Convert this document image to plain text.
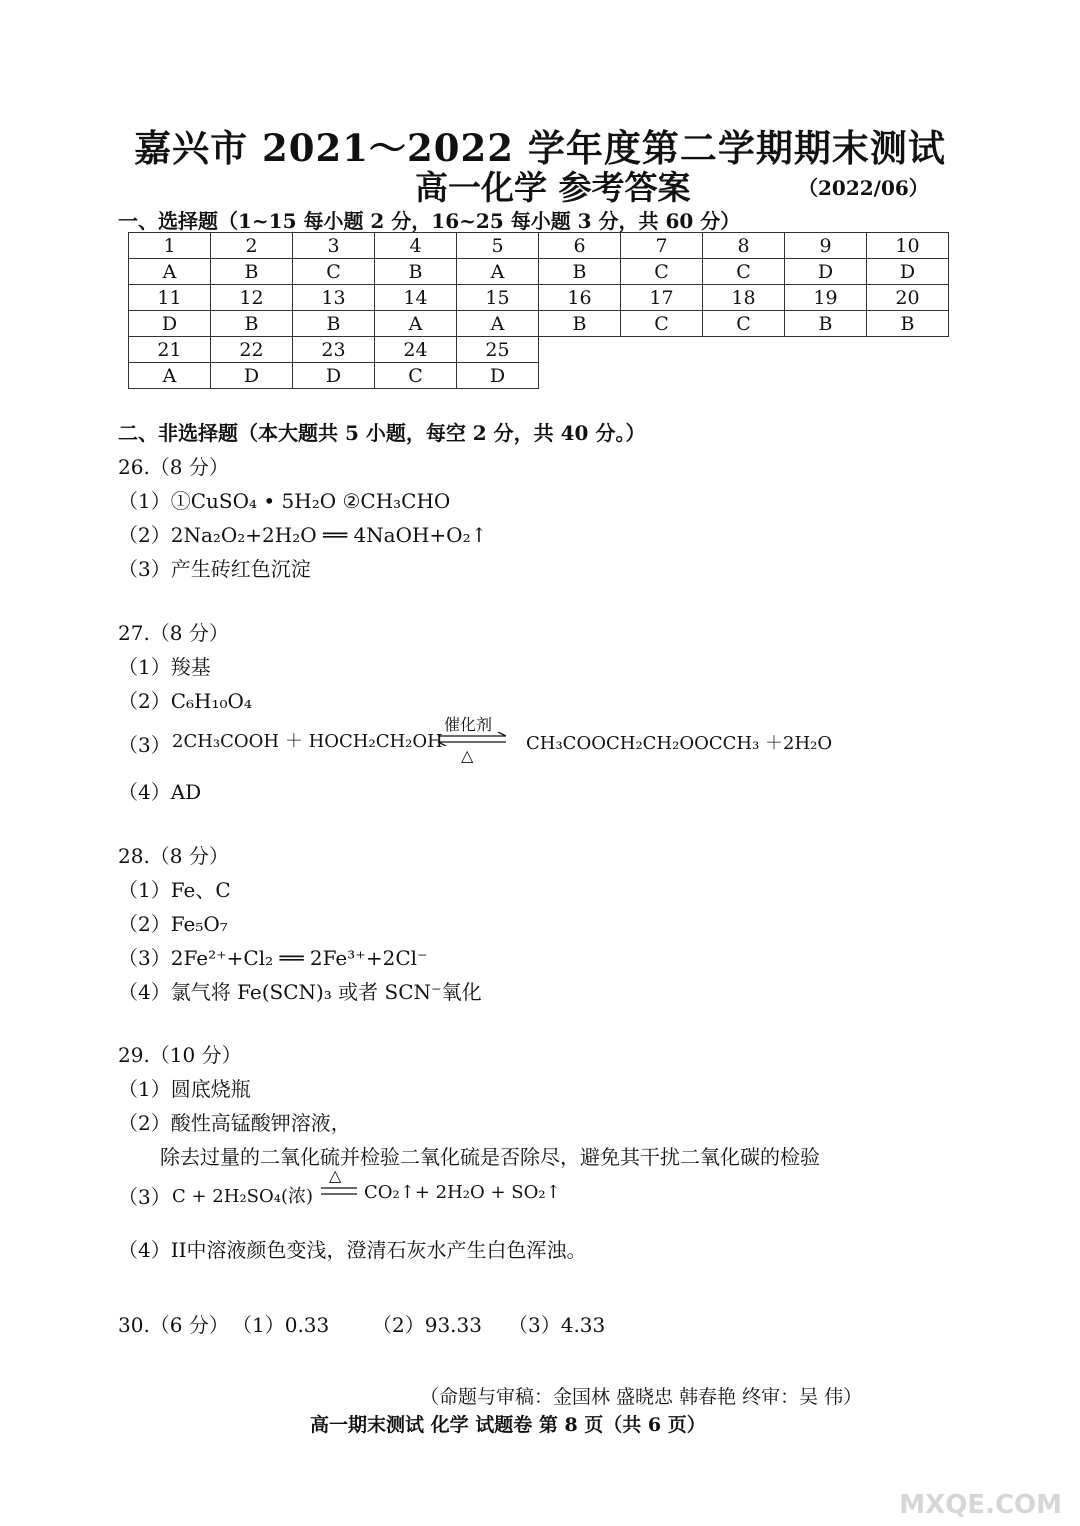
嘉兴市 2021～2022 学年度第二学期期末测试
高一化学 参考答案	（2022/06）
一、选择题（1~15 每小题 2 分，16~25 每小题 3 分，共 60 分）
1	2	3	4	5	6	7	8	9	10
A	B	C	B	A	B	C	C	D	D
11	12	13	14	15	16	17	18	19	20
D	B	B	A	A	B	C	C	B	B
21	22	23	24	25					
A	D	D	C	D					
二、非选择题（本大题共 5 小题，每空 2 分，共 40 分。）
26.（8 分）
（1）①CuSO₄ • 5H₂O ②CH₃CHO
（2）2Na₂O₂+2H₂O ══ 4NaOH+O₂↑
（3）产生砖红色沉淀
27.（8 分）
（1）羧基
（2）C₆H₁₀O₄
（3） 2CH₃COOH ＋ HOCH₂CH₂OH
催化剂
△
CH₃COOCH₂CH₂OOCCH₃ ＋2H₂O
（4）AD
28.（8 分）
（1）Fe、C
（2）Fe₅O₇
（3）2Fe²⁺+Cl₂ ══ 2Fe³⁺+2Cl⁻
（4）氯气将 Fe(SCN)₃ 或者 SCN⁻氧化
29.（10 分）
（1）圆底烧瓶
（2）酸性高锰酸钾溶液，
除去过量的二氧化硫并检验二氧化硫是否除尽，避免其干扰二氧化碳的检验
（3） C + 2H₂SO₄(浓)
△
CO₂↑+ 2H₂O + SO₂↑
（4）II中溶液颜色变浅，澄清石灰水产生白色浑浊。
30.（6 分） （1）0.33 （2）93.33 （3）4.33
（命题与审稿：金国林 盛晓忠 韩春艳 终审：吴 伟）
高一期末测试 化学 试题卷 第 8 页（共 6 页）
MXQE.COM
